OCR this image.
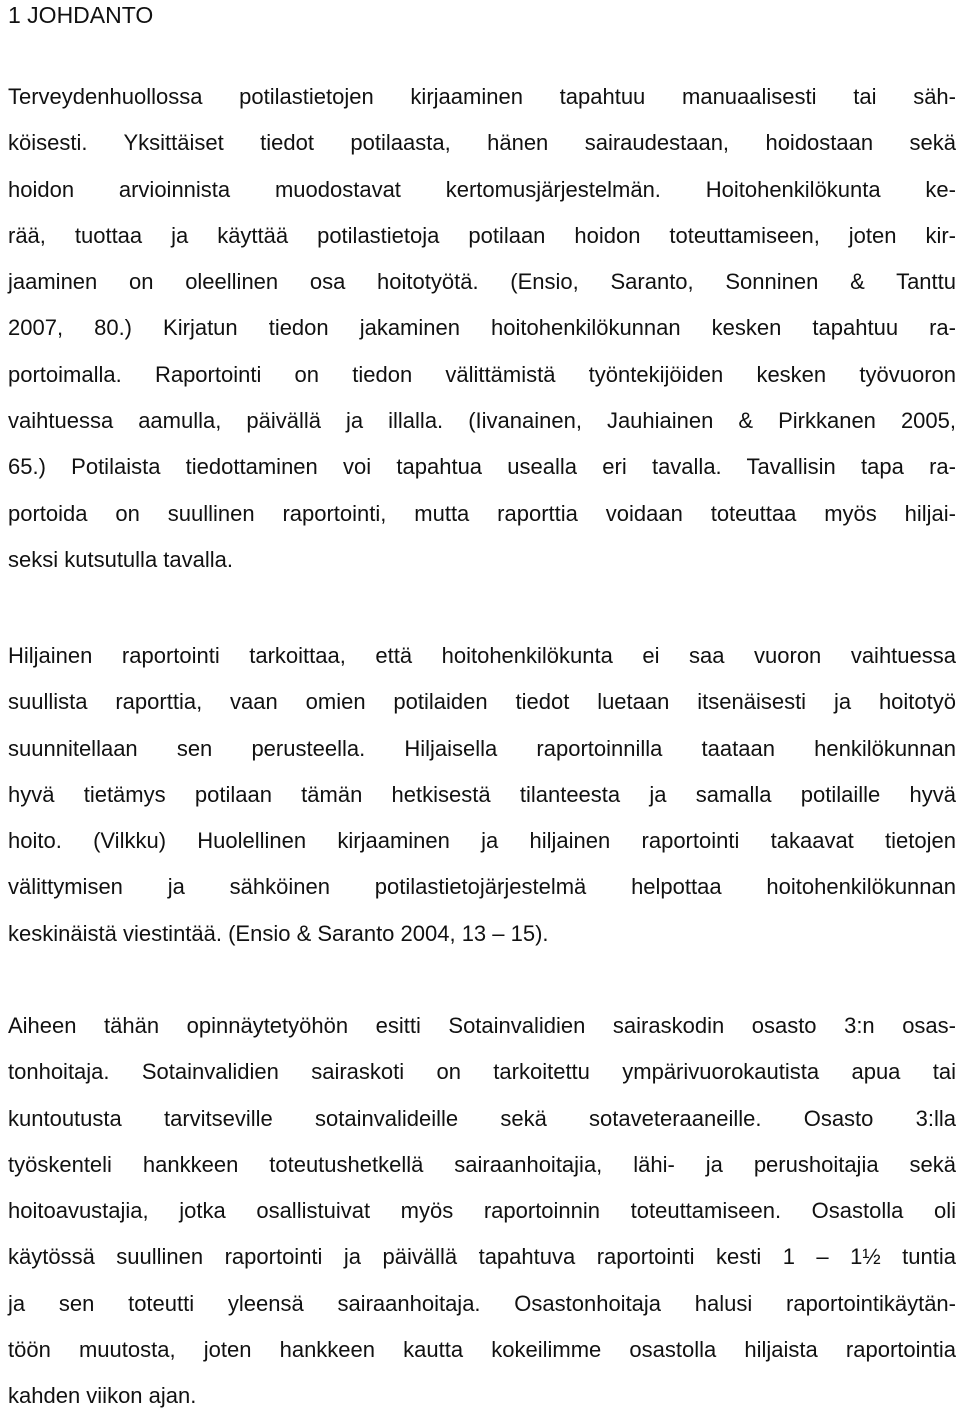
1 JOHDANTO
Terveydenhuollossa potilastietojen kirjaaminen tapahtuu manuaalisesti tai säh-
köisesti. Yksittäiset tiedot potilaasta, hänen sairaudestaan, hoidostaan sekä
hoidon arvioinnista muodostavat kertomusjärjestelmän. Hoitohenkilökunta ke-
rää, tuottaa ja käyttää potilastietoja potilaan hoidon toteuttamiseen, joten kir-
jaaminen on oleellinen osa hoitotyötä. (Ensio, Saranto, Sonninen & Tanttu
2007, 80.) Kirjatun tiedon jakaminen hoitohenkilökunnan kesken tapahtuu ra-
portoimalla. Raportointi on tiedon välittämistä työntekijöiden kesken työvuoron
vaihtuessa aamulla, päivällä ja illalla. (Iivanainen, Jauhiainen & Pirkkanen 2005,
65.) Potilaista tiedottaminen voi tapahtua usealla eri tavalla. Tavallisin tapa ra-
portoida on suullinen raportointi, mutta raporttia voidaan toteuttaa myös hiljai-
seksi kutsutulla tavalla.
Hiljainen raportointi tarkoittaa, että hoitohenkilökunta ei saa vuoron vaihtuessa
suullista raporttia, vaan omien potilaiden tiedot luetaan itsenäisesti ja hoitotyö
suunnitellaan sen perusteella. Hiljaisella raportoinnilla taataan henkilökunnan
hyvä tietämys potilaan tämän hetkisestä tilanteesta ja samalla potilaille hyvä
hoito. (Vilkku) Huolellinen kirjaaminen ja hiljainen raportointi takaavat tietojen
välittymisen ja sähköinen potilastietojärjestelmä helpottaa hoitohenkilökunnan
keskinäistä viestintää. (Ensio & Saranto 2004, 13 – 15).
Aiheen tähän opinnäytetyöhön esitti Sotainvalidien sairaskodin osasto 3:n osas-
tonhoitaja. Sotainvalidien sairaskoti on tarkoitettu ympärivuorokautista apua tai
kuntoutusta tarvitseville sotainvalideille sekä sotaveteraaneille. Osasto 3:lla
työskenteli hankkeen toteutushetkellä sairaanhoitajia, lähi- ja perushoitajia sekä
hoitoavustajia, jotka osallistuivat myös raportoinnin toteuttamiseen. Osastolla oli
käytössä suullinen raportointi ja päivällä tapahtuva raportointi kesti 1 – 1½ tuntia
ja sen toteutti yleensä sairaanhoitaja. Osastonhoitaja halusi raportointikäytän-
töön muutosta, joten hankkeen kautta kokeilimme osastolla hiljaista raportointia
kahden viikon ajan.
